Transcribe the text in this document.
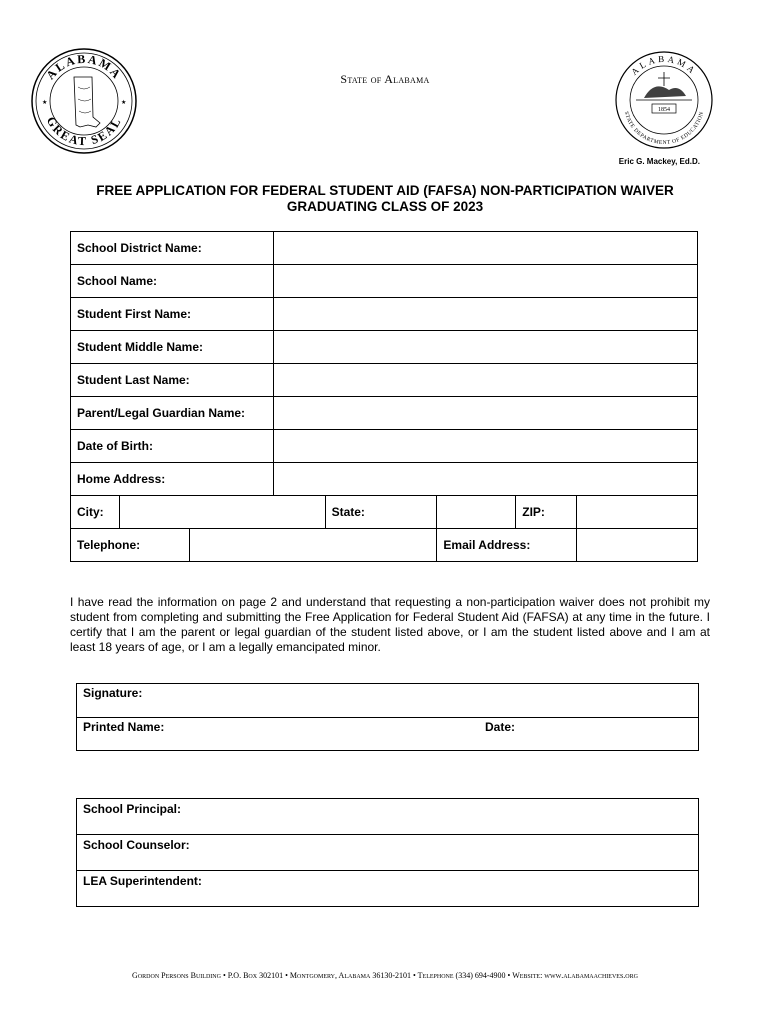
ALABAMA
GREAT SEAL
★	★
State of Alabama
ALABAMA
STATE DEPARTMENT OF EDUCATION
1854
Eric G. Mackey, Ed.D.
FREE APPLICATION FOR FEDERAL STUDENT AID (FAFSA) NON-PARTICIPATION WAIVER
GRADUATING CLASS OF 2023
School District Name:							
School Name:							
Student First Name:							
Student Middle Name:							
Student Last Name:							
Parent/Legal Guardian Name:							
Date of Birth:							
Home Address:							
City:				State:		ZIP:	
Telephone:					Email Address:		
I have read the information on page 2 and understand that requesting a non-participation waiver does not prohibit my student from completing and submitting the Free Application for Federal Student Aid (FAFSA) at any time in the future. I certify that I am the parent or legal guardian of the student listed above, or I am the student listed above and I am at least 18 years of age, or I am a legally emancipated minor.
Signature:
Printed Name:	Date:
School Principal:
School Counselor:
LEA Superintendent:
Gordon Persons Building • P.O. Box 302101 • Montgomery, Alabama 36130-2101 • Telephone (334) 694-4900 • Website: www.alabamaachieves.org
